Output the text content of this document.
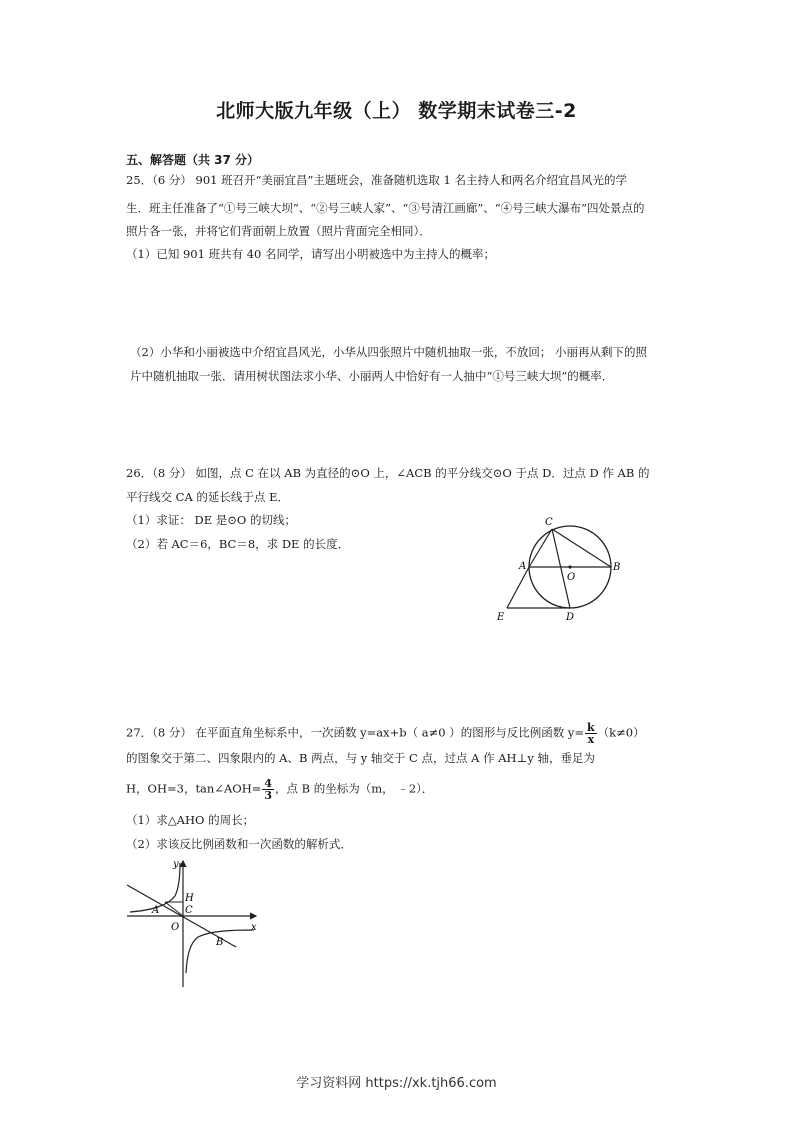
北师大版九年级（上） 数学期末试卷三-2
五、解答题（共 37 分）
25．（6 分） 901 班召开“美丽宜昌”主题班会，准备随机选取 1 名主持人和两名介绍宜昌风光的学
生．班主任准备了“①号三峡大坝”、“②号三峡人家”、“③号清江画廊”、“④号三峡大瀑布”四处景点的
照片各一张，并将它们背面朝上放置（照片背面完全相同）．
（1）已知 901 班共有 40 名同学，请写出小明被选中为主持人的概率；
（2）小华和小丽被选中介绍宜昌风光，小华从四张照片中随机抽取一张，不放回； 小丽再从剩下的照
片中随机抽取一张．请用树状图法求小华、小丽两人中恰好有一人抽中“①号三峡大坝”的概率．
26．（8 分） 如图，点 C 在以 AB 为直径的⊙O 上，∠ACB 的平分线交⊙O 于点 D．过点 D 作 AB 的
平行线交 CA 的延长线于点 E．
（1）求证： DE 是⊙O 的切线；
（2）若 AC＝6，BC＝8，求 DE 的长度．
C
A	B
O
E	D
27．（8 分） 在平面直角坐标系中，一次函数 y=ax+b（ a≠0 ）的图形与反比例函数 $y= \frac{k}{x} (k\ne 0)$
的图象交于第二、四象限内的 A、B 两点，与 y 轴交于 C 点，过点 A 作 AH⊥y 轴，垂足为
H，OH=3，tan∠AOH= $\frac{4}{3}$ ，点 B 的坐标为（m， ﹣2）．
（1）求△AHO 的周长；
（2）求该反比例函数和一次函数的解析式．
y
x
H
C
A
O
B
学习资料网 https://xk.tjh66.com
